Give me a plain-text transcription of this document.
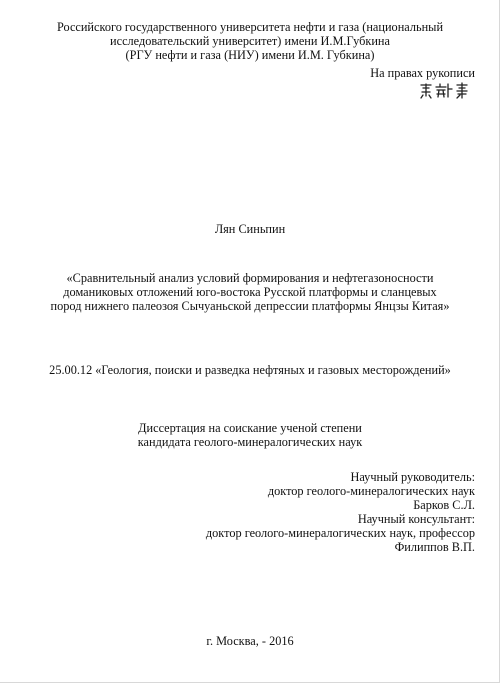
Российского государственного университета нефти и газа (национальный
исследовательский университет) имени И.М.Губкина
(РГУ нефти и газа (НИУ) имени И.М. Губкина)
На правах рукописи
Лян Синьпин
«Сравнительный анализ условий формирования и нефтегазоносности
доманиковых отложений юго-востока Русской платформы и сланцевых
пород нижнего палеозоя Сычуаньской депрессии платформы Янцзы Китая»
25.00.12 «Геология, поиски и разведка нефтяных и газовых месторождений»
Диссертация на соискание ученой степени
кандидата геолого-минералогических наук
Научный руководитель:
доктор геолого-минералогических наук
Барков С.Л.
Научный консультант:
доктор геолого-минералогических наук, профессор
Филиппов В.П.
г. Москва, - 2016
